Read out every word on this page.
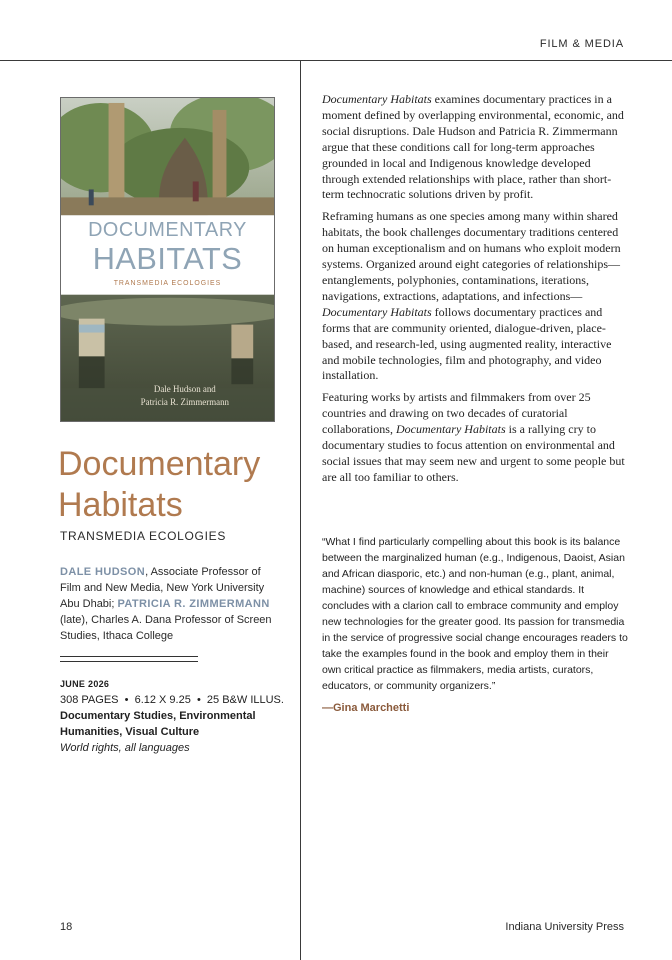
FILM & MEDIA
DOCUMENTARY
HABITATS
TRANSMEDIA ECOLOGIES
Dale Hudson and
Patricia R. Zimmermann
Documentary
Habitats
TRANSMEDIA ECOLOGIES
DALE HUDSON, Associate Professor of Film and New Media, New York University Abu Dhabi; PATRICIA R. ZIMMERMANN (late), Charles A. Dana Professor of Screen Studies, Ithaca College
JUNE 2026
308 PAGES  •  6.12 X 9.25  •  25 B&W ILLUS.
Documentary Studies, Environmental Humanities, Visual Culture
World rights, all languages

Documentary Habitats examines documentary practices in a moment defined by overlapping environmental, economic, and social disruptions. Dale Hudson and Patricia R. Zimmermann argue that these conditions call for long-term approaches grounded in local and Indigenous knowledge developed through extended relationships with place, rather than short-term technocratic solutions driven by profit.

Reframing humans as one species among many within shared habitats, the book challenges documentary traditions centered on human exceptionalism and on humans who exploit modern systems. Organized around eight categories of relationships—entanglements, polyphonies, contaminations, iterations, navigations, extractions, adaptations, and infections—Documentary Habitats follows documentary practices and forms that are community oriented, dialogue-driven, place-based, and research-led, using augmented reality, interactive and mobile technologies, film and photography, and video installation.

Featuring works by artists and filmmakers from over 25 countries and drawing on two decades of curatorial collaborations, Documentary Habitats is a rallying cry to documentary studies to focus attention on environmental and social issues that may seem new and urgent to some people but are all too familiar to others.

“What I find particularly compelling about this book is its balance between the marginalized human (e.g., Indigenous, Daoist, Asian and African diasporic, etc.) and non-human (e.g., plant, animal, machine) sources of knowledge and ethical standards. It concludes with a clarion call to embrace community and employ new technologies for the greater good. Its passion for transmedia in the service of progressive social change encourages readers to take the examples found in the book and employ them in their own critical practice as filmmakers, media artists, curators, educators, or community organizers.”
—Gina Marchetti
18	Indiana University Press
